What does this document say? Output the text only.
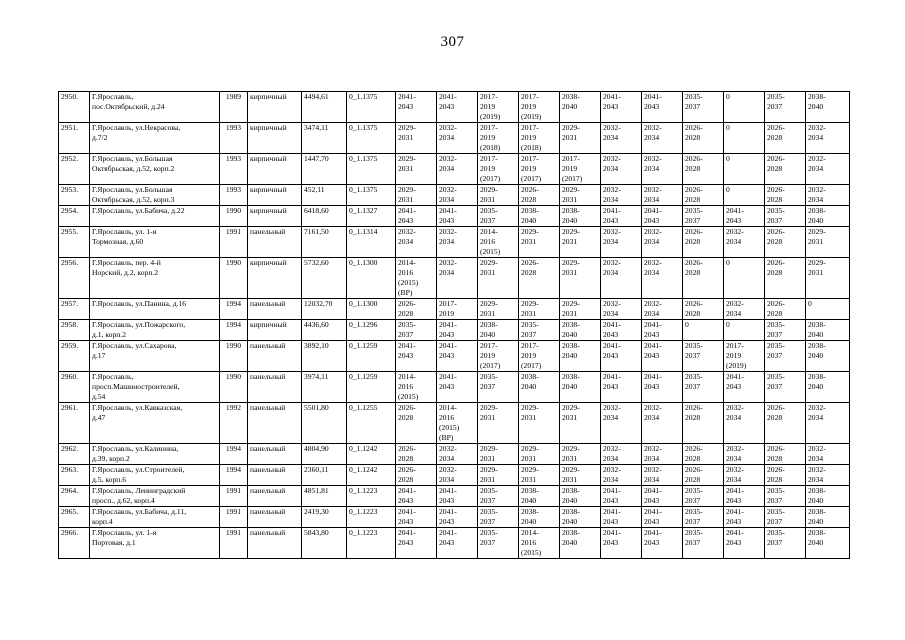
307
2950.	Г.Ярославль,
пос.Октябрьский, д.24	1989	кирпичный	4494,61	0_1.1375	2041-
2043	2041-
2043	2017-
2019
(2019)	2017-
2019
(2019)	2038-
2040	2041-
2043	2041-
2043	2035-
2037	0	2035-
2037	2038-
2040
2951.	Г.Ярославль, ул.Некрасова,
д.7/2	1993	кирпичный	3474,11	0_1.1375	2029-
2031	2032-
2034	2017-
2019
(2018)	2017-
2019
(2018)	2029-
2031	2032-
2034	2032-
2034	2026-
2028	0	2026-
2028	2032-
2034
2952.	Г.Ярославль, ул.Большая
Октябрьская, д.52, корп.2	1993	кирпичный	1447,70	0_1.1375	2029-
2031	2032-
2034	2017-
2019
(2017)	2017-
2019
(2017)	2017-
2019
(2017)	2032-
2034	2032-
2034	2026-
2028	0	2026-
2028	2032-
2034
2953.	Г.Ярославль, ул.Большая
Октябрьская, д.52, корп.3	1993	кирпичный	452,11	0_1.1375	2029-
2031	2032-
2034	2029-
2031	2026-
2028	2029-
2031	2032-
2034	2032-
2034	2026-
2028	0	2026-
2028	2032-
2034
2954.	Г.Ярославль, ул.Бабича, д.22	1990	кирпичный	6418,60	0_1.1327	2041-
2043	2041-
2043	2035-
2037	2038-
2040	2038-
2040	2041-
2043	2041-
2043	2035-
2037	2041-
2043	2035-
2037	2038-
2040
2955.	Г.Ярославль, ул. 1-я
Тормозная, д.60	1991	панельный	7161,50	0_1.1314	2032-
2034	2032-
2034	2014-
2016
(2015)	2029-
2031	2029-
2031	2032-
2034	2032-
2034	2026-
2028	2032-
2034	2026-
2028	2029-
2031
2956.	Г.Ярославль, пер. 4-й
Норский, д.2, корп.2	1990	кирпичный	5732,60	0_1.1300	2014-
2016
(2015)
(ВР)	2032-
2034	2029-
2031	2026-
2028	2029-
2031	2032-
2034	2032-
2034	2026-
2028	0	2026-
2028	2029-
2031
2957.	Г.Ярославль, ул.Панина, д.16	1994	панельный	12032,70	0_1.1300	2026-
2028	2017-
2019	2029-
2031	2029-
2031	2029-
2031	2032-
2034	2032-
2034	2026-
2028	2032-
2034	2026-
2028	0
2958.	Г.Ярославль, ул.Пожарского,
д.1, корп.2	1994	кирпичный	4436,60	0_1.1296	2035-
2037	2041-
2043	2038-
2040	2035-
2037	2038-
2040	2041-
2043	2041-
2043	0	0	2035-
2037	2038-
2040
2959.	Г.Ярославль, ул.Сахарова,
д.17	1990	панельный	3892,10	0_1.1259	2041-
2043	2041-
2043	2017-
2019
(2017)	2017-
2019
(2017)	2038-
2040	2041-
2043	2041-
2043	2035-
2037	2017-
2019
(2019)	2035-
2037	2038-
2040
2960.	Г.Ярославль,
просп.Машиностроителей,
д.54	1990	панельный	3974,11	0_1.1259	2014-
2016
(2015)	2041-
2043	2035-
2037	2038-
2040	2038-
2040	2041-
2043	2041-
2043	2035-
2037	2041-
2043	2035-
2037	2038-
2040
2961.	Г.Ярославль, ул.Кавказская,
д.47	1992	панельный	5501,80	0_1.1255	2026-
2028	2014-
2016
(2015)
(ВР)	2029-
2031	2029-
2031	2029-
2031	2032-
2034	2032-
2034	2026-
2028	2032-
2034	2026-
2028	2032-
2034
2962.	Г.Ярославль, ул.Калинина,
д.39, корп.2	1994	панельный	4804,90	0_1.1242	2026-
2028	2032-
2034	2029-
2031	2029-
2031	2029-
2031	2032-
2034	2032-
2034	2026-
2028	2032-
2034	2026-
2028	2032-
2034
2963.	Г.Ярославль, ул.Строителей,
д.5, корп.6	1994	панельный	2360,11	0_1.1242	2026-
2028	2032-
2034	2029-
2031	2029-
2031	2029-
2031	2032-
2034	2032-
2034	2026-
2028	2032-
2034	2026-
2028	2032-
2034
2964.	Г.Ярославль, Ленинградский
просп., д.62, корп.4	1991	панельный	4851,81	0_1.1223	2041-
2043	2041-
2043	2035-
2037	2038-
2040	2038-
2040	2041-
2043	2041-
2043	2035-
2037	2041-
2043	2035-
2037	2038-
2040
2965.	Г.Ярославль, ул.Бабича, д.11,
корп.4	1991	панельный	2419,30	0_1.1223	2041-
2043	2041-
2043	2035-
2037	2038-
2040	2038-
2040	2041-
2043	2041-
2043	2035-
2037	2041-
2043	2035-
2037	2038-
2040
2966.	Г.Ярославль, ул. 1-я
Портовая, д.1	1991	панельный	5843,80	0_1.1223	2041-
2043	2041-
2043	2035-
2037	2014-
2016
(2015)	2038-
2040	2041-
2043	2041-
2043	2035-
2037	2041-
2043	2035-
2037	2038-
2040
